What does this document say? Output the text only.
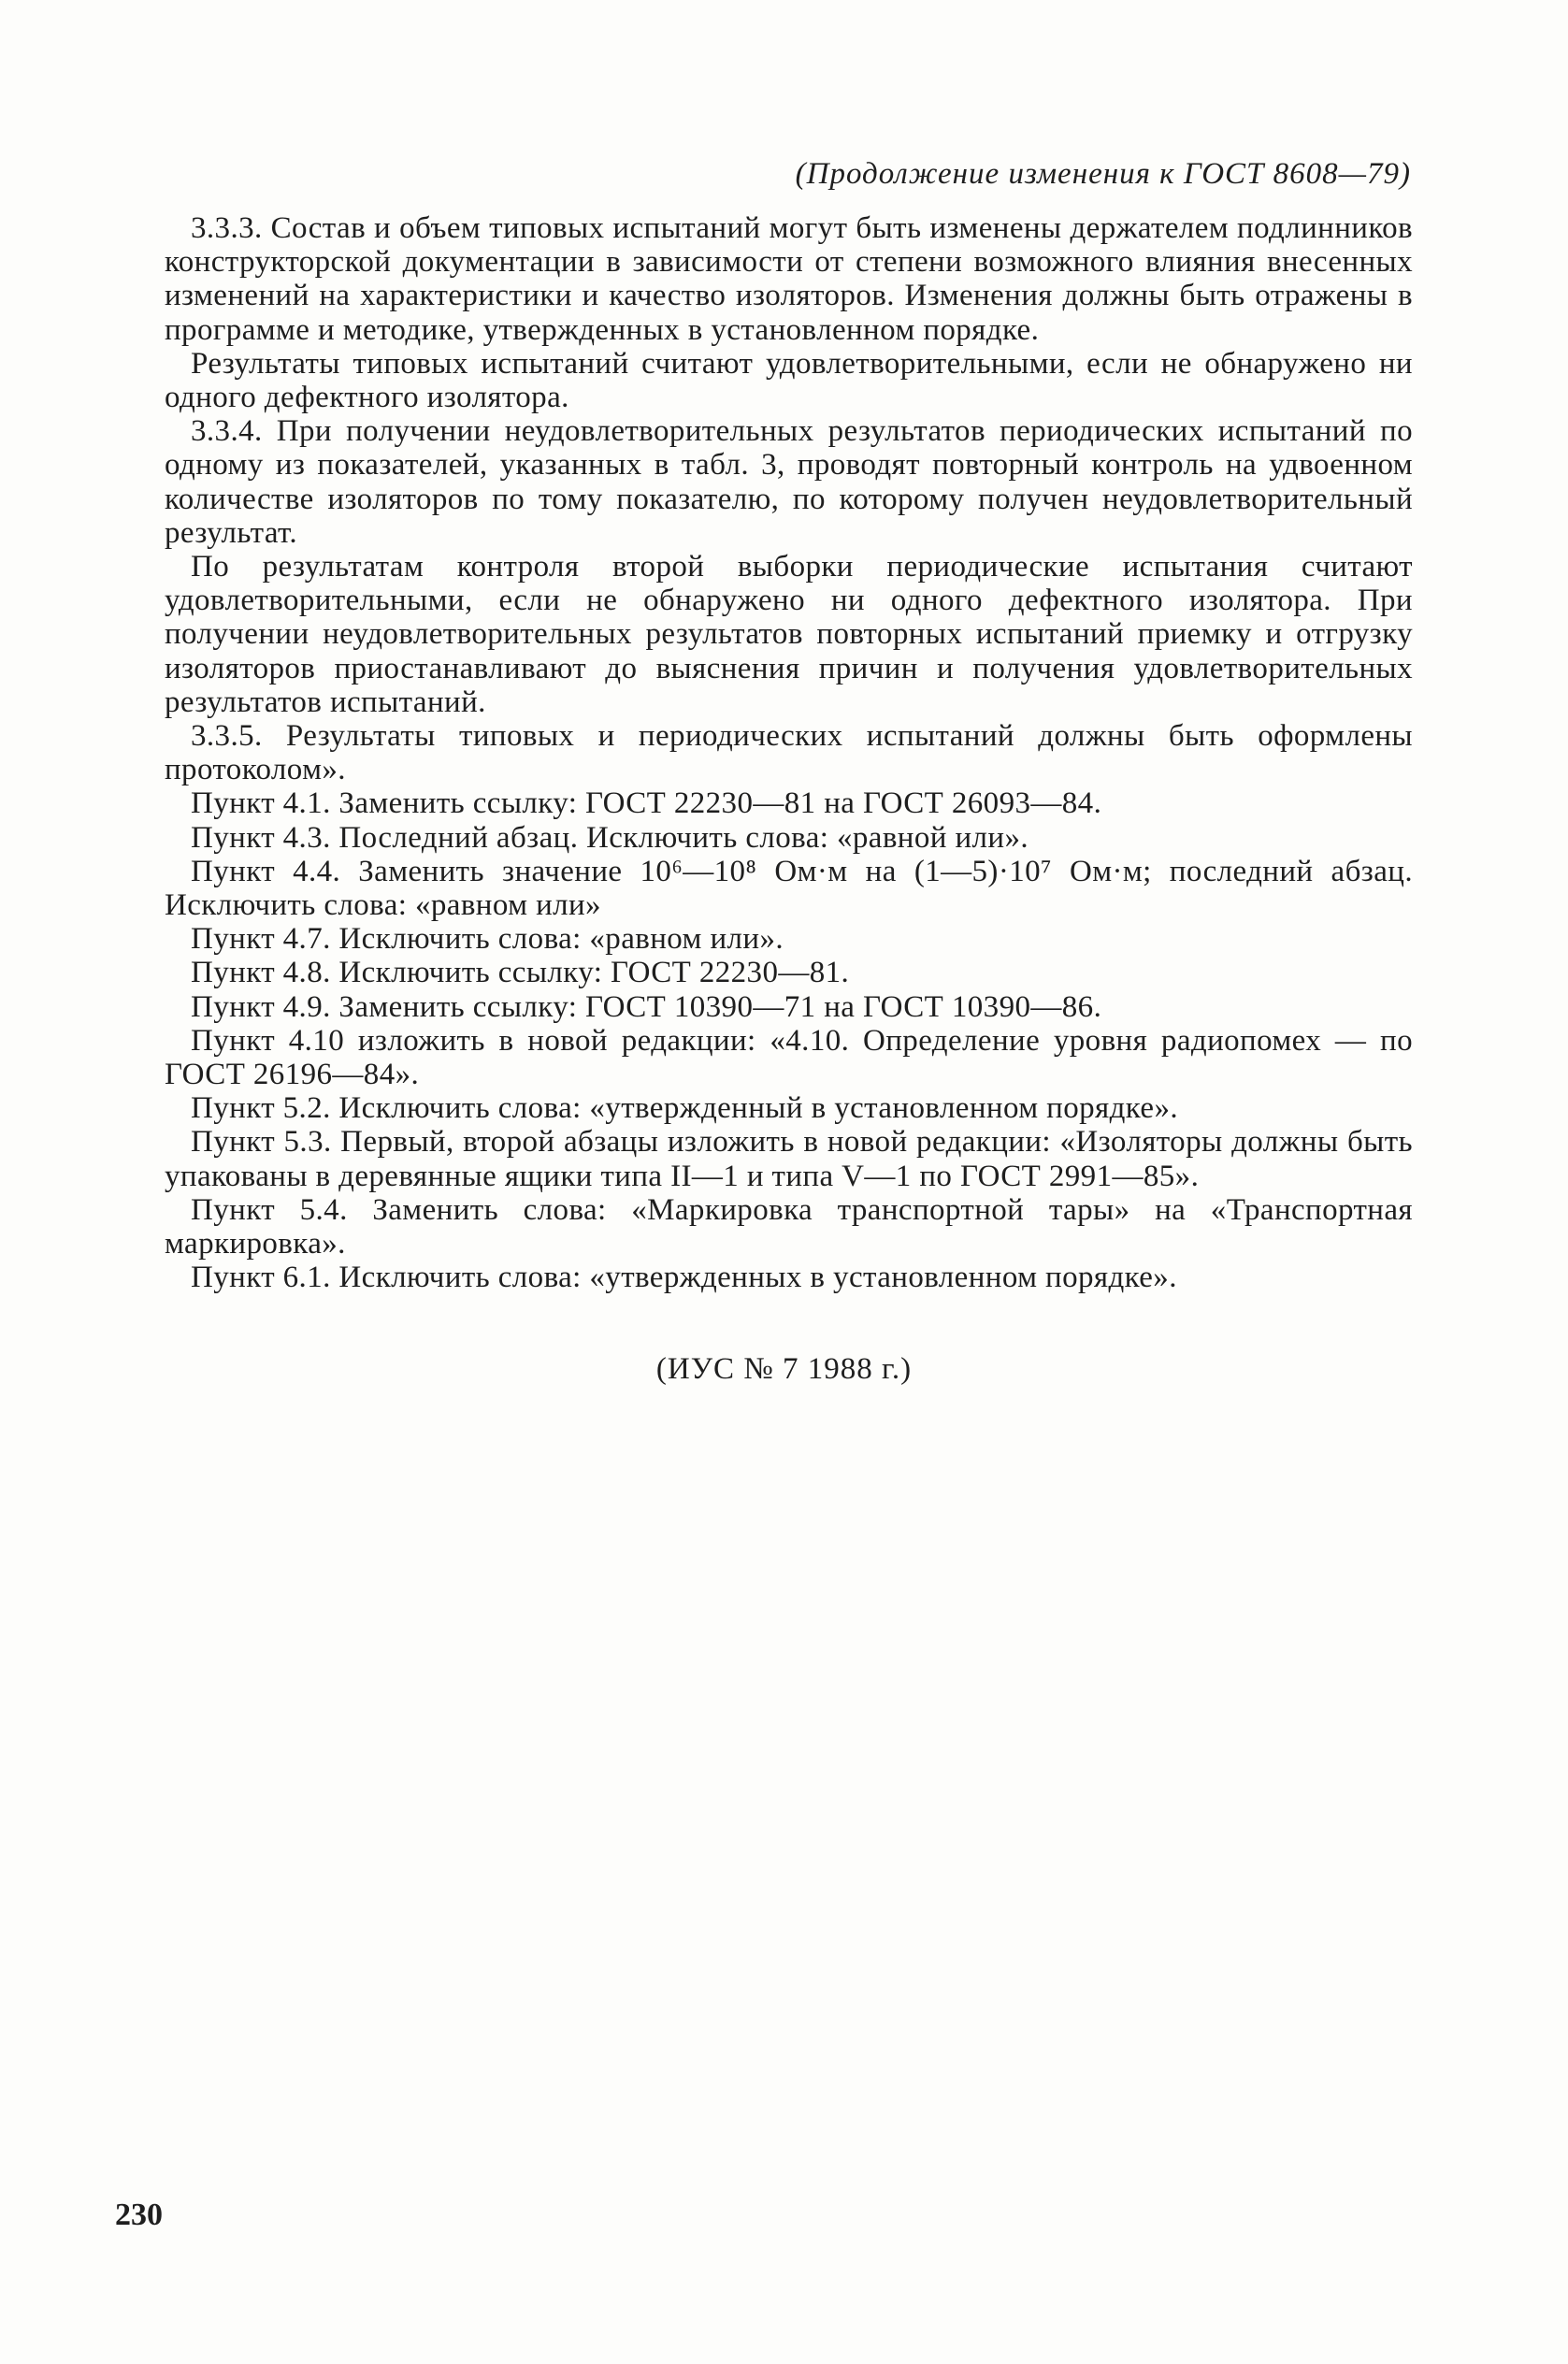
(Продолжение изменения к ГОСТ 8608—79)

3.3.3. Состав и объем типовых испытаний могут быть изменены держателем подлинников конструкторской документации в зависимости от степени возможного влияния внесенных изменений на характеристики и качество изоляторов. Изменения должны быть отражены в программе и методике, утвержденных в установленном порядке.

Результаты типовых испытаний считают удовлетворительными, если не обнаружено ни одного дефектного изолятора.

3.3.4. При получении неудовлетворительных результатов периодических испытаний по одному из показателей, указанных в табл. 3, проводят повторный контроль на удвоенном количестве изоляторов по тому показателю, по которому получен неудовлетворительный результат.

По результатам контроля второй выборки периодические испытания считают удовлетворительными, если не обнаружено ни одного дефектного изолятора. При получении неудовлетворительных результатов повторных испытаний приемку и отгрузку изоляторов приостанавливают до выяснения причин и получения удовлетворительных результатов испытаний.

3.3.5. Результаты типовых и периодических испытаний должны быть оформлены протоколом».

Пункт 4.1. Заменить ссылку: ГОСТ 22230—81 на ГОСТ 26093—84.

Пункт 4.3. Последний абзац. Исключить слова: «равной или».

Пункт 4.4. Заменить значение 10⁶—10⁸ Ом·м на (1—5)·10⁷ Ом·м; последний абзац. Исключить слова: «равном или»

Пункт 4.7. Исключить слова: «равном или».

Пункт 4.8. Исключить ссылку: ГОСТ 22230—81.

Пункт 4.9. Заменить ссылку: ГОСТ 10390—71 на ГОСТ 10390—86.

Пункт 4.10 изложить в новой редакции: «4.10. Определение уровня радиопомех — по ГОСТ 26196—84».

Пункт 5.2. Исключить слова: «утвержденный в установленном порядке».

Пункт 5.3. Первый, второй абзацы изложить в новой редакции: «Изоляторы должны быть упакованы в деревянные ящики типа II—1 и типа V—1 по ГОСТ 2991—85».

Пункт 5.4. Заменить слова: «Маркировка транспортной тары» на «Транспортная маркировка».

Пункт 6.1. Исключить слова: «утвержденных в установленном порядке».

(ИУС № 7 1988 г.)
230
